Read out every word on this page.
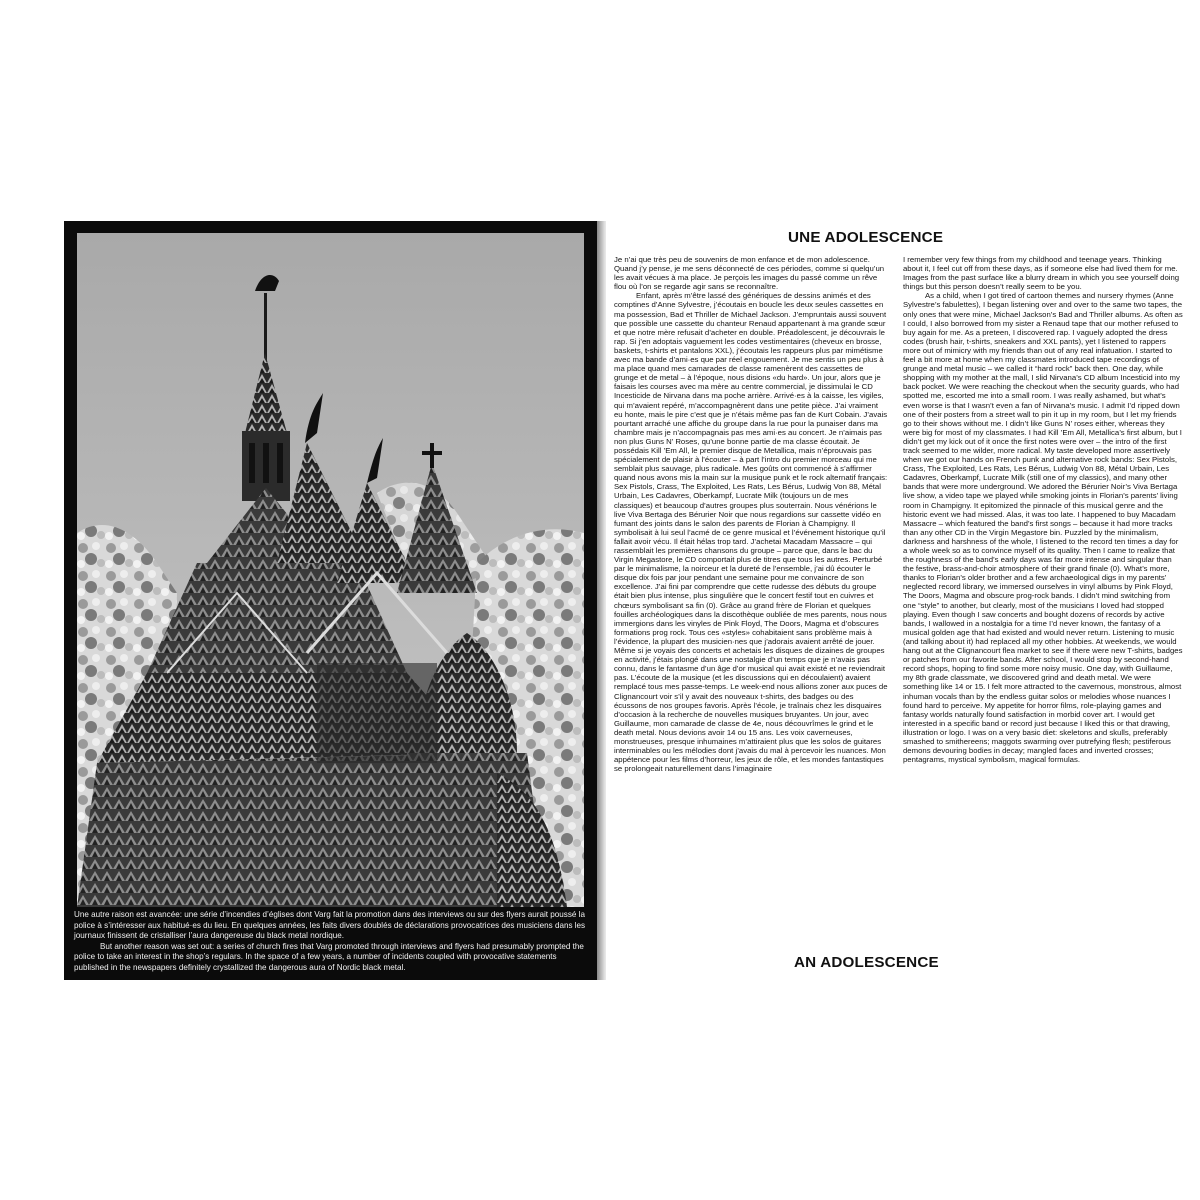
Une autre raison est avancée: une série d’incendies d’églises dont Varg fait la promotion dans des interviews ou sur des flyers aurait poussé la police à s’intéresser aux habitué·es du lieu. En quelques années, les faits divers doublés de déclarations provocatrices des musiciens dans les journaux finissent de cristalliser l’aura dangereuse du black metal nordique.

But another reason was set out: a series of church fires that Varg promoted through interviews and flyers had presumably prompted the police to take an interest in the shop’s regulars. In the space of a few years, a number of incidents coupled with provocative statements published in the newspapers definitely crystallized the dangerous aura of Nordic black metal.

UNE ADOLESCENCE

Je n’ai que très peu de souvenirs de mon enfance et de mon adolescence. Quand j’y pense, je me sens déconnecté de ces périodes, comme si quelqu’un les avait vécues à ma place. Je perçois les images du passé comme un rêve flou où l’on se regarde agir sans se reconnaître.

Enfant, après m’être lassé des génériques de dessins animés et des comptines d’Anne Sylvestre, j’écoutais en boucle les deux seules cassettes en ma possession, Bad et Thriller de Michael Jackson. J’empruntais aussi souvent que possible une cassette du chanteur Renaud appartenant à ma grande sœur et que notre mère refusait d’acheter en double. Préadolescent, je découvrais le rap. Si j’en adoptais vaguement les codes vestimentaires (cheveux en brosse, baskets, t-shirts et pantalons XXL), j’écoutais les rappeurs plus par mimétisme avec ma bande d’ami·es que par réel engouement. Je me sentis un peu plus à ma place quand mes camarades de classe ramenèrent des cassettes de grunge et de metal – à l’époque, nous disions «du hard». Un jour, alors que je faisais les courses avec ma mère au centre commercial, je dissimulai le CD Incesticide de Nirvana dans ma poche arrière. Arrivé·es à la caisse, les vigiles, qui m’avaient repéré, m’accompagnèrent dans une petite pièce. J’ai vraiment eu honte, mais le pire c’est que je n’étais même pas fan de Kurt Cobain. J’avais pourtant arraché une affiche du groupe dans la rue pour la punaiser dans ma chambre mais je n’accompagnais pas mes ami·es au concert. Je n’aimais pas non plus Guns N’ Roses, qu’une bonne partie de ma classe écoutait. Je possédais Kill ’Em All, le premier disque de Metallica, mais n’éprouvais pas spécialement de plaisir à l’écouter – à part l’intro du premier morceau qui me semblait plus sauvage, plus radicale. Mes goûts ont commencé à s’affirmer quand nous avons mis la main sur la musique punk et le rock alternatif français: Sex Pistols, Crass, The Exploited, Les Rats, Les Bérus, Ludwig Von 88, Métal Urbain, Les Cadavres, Oberkampf, Lucrate Milk (toujours un de mes classiques) et beaucoup d’autres groupes plus souterrain. Nous vénérions le live Viva Bertaga des Bérurier Noir que nous regardions sur cassette vidéo en fumant des joints dans le salon des parents de Florian à Champigny. Il symbolisait à lui seul l’acmé de ce genre musical et l’événement historique qu’il fallait avoir vécu. Il était hélas trop tard. J’achetai Macadam Massacre – qui rassemblait les premières chansons du groupe – parce que, dans le bac du Virgin Megastore, le CD comportait plus de titres que tous les autres. Perturbé par le minimalisme, la noirceur et la dureté de l’ensemble, j’ai dû écouter le disque dix fois par jour pendant une semaine pour me convaincre de son excellence. J’ai fini par comprendre que cette rudesse des débuts du groupe était bien plus intense, plus singulière que le concert festif tout en cuivres et chœurs symbolisant sa fin (0). Grâce au grand frère de Florian et quelques fouilles archéologiques dans la discothèque oubliée de mes parents, nous nous immergions dans les vinyles de Pink Floyd, The Doors, Magma et d’obscures formations prog rock. Tous ces «styles» cohabitaient sans problème mais à l’évidence, la plupart des musicien·nes que j’adorais avaient arrêté de jouer. Même si je voyais des concerts et achetais les disques de dizaines de groupes en activité, j’étais plongé dans une nostalgie d’un temps que je n’avais pas connu, dans le fantasme d’un âge d’or musical qui avait existé et ne reviendrait pas. L’écoute de la musique (et les discussions qui en découlaient) avaient remplacé tous mes passe-temps. Le week-end nous allions zoner aux puces de Clignancourt voir s’il y avait des nouveaux t-shirts, des badges ou des écussons de nos groupes favoris. Après l’école, je traînais chez les disquaires d’occasion à la recherche de nouvelles musiques bruyantes. Un jour, avec Guillaume, mon camarade de classe de 4e, nous découvrîmes le grind et le death metal. Nous devions avoir 14 ou 15 ans. Les voix caverneuses, monstrueuses, presque inhumaines m’attiraient plus que les solos de guitares interminables ou les mélodies dont j’avais du mal à percevoir les nuances. Mon appétence pour les films d’horreur, les jeux de rôle, et les mondes fantastiques se prolongeait naturellement dans l’imaginaire

I remember very few things from my childhood and teenage years. Thinking about it, I feel cut off from these days, as if someone else had lived them for me. Images from the past surface like a blurry dream in which you see yourself doing things but this person doesn’t really seem to be you.

As a child, when I got tired of cartoon themes and nursery rhymes (Anne Sylvestre’s fabulettes), I began listening over and over to the same two tapes, the only ones that were mine, Michael Jackson’s Bad and Thriller albums. As often as I could, I also borrowed from my sister a Renaud tape that our mother refused to buy again for me. As a preteen, I discovered rap. I vaguely adopted the dress codes (brush hair, t-shirts, sneakers and XXL pants), yet I listened to rappers more out of mimicry with my friends than out of any real infatuation. I started to feel a bit more at home when my classmates introduced tape recordings of grunge and metal music – we called it “hard rock” back then. One day, while shopping with my mother at the mall, I slid Nirvana’s CD album Incesticid into my back pocket. We were reaching the checkout when the security guards, who had spotted me, escorted me into a small room. I was really ashamed, but what’s even worse is that I wasn’t even a fan of Nirvana’s music. I admit I’d ripped down one of their posters from a street wall to pin it up in my room, but I let my friends go to their shows without me. I didn’t like Guns N’ roses either, whereas they were big for most of my classmates. I had Kill ’Em All, Metallica’s first album, but I didn’t get my kick out of it once the first notes were over – the intro of the first track seemed to me wilder, more radical. My taste developed more assertively when we got our hands on French punk and alternative rock bands: Sex Pistols, Crass, The Exploited, Les Rats, Les Bérus, Ludwig Von 88, Métal Urbain, Les Cadavres, Oberkampf, Lucrate Milk (still one of my classics), and many other bands that were more underground. We adored the Bérurier Noir’s Viva Bertaga live show, a video tape we played while smoking joints in Florian’s parents’ living room in Champigny. It epitomized the pinnacle of this musical genre and the historic event we had missed. Alas, it was too late. I happened to buy Macadam Massacre – which featured the band’s first songs – because it had more tracks than any other CD in the Virgin Megastore bin. Puzzled by the minimalism, darkness and harshness of the whole, I listened to the record ten times a day for a whole week so as to convince myself of its quality. Then I came to realize that the roughness of the band’s early days was far more intense and singular than the festive, brass-and-choir atmosphere of their grand finale (0). What’s more, thanks to Florian’s older brother and a few archaeological digs in my parents’ neglected record library, we immersed ourselves in vinyl albums by Pink Floyd, The Doors, Magma and obscure prog-rock bands. I didn’t mind switching from one “style” to another, but clearly, most of the musicians I loved had stopped playing. Even though I saw concerts and bought dozens of records by active bands, I wallowed in a nostalgia for a time I’d never known, the fantasy of a musical golden age that had existed and would never return. Listening to music (and talking about it) had replaced all my other hobbies. At weekends, we would hang out at the Clignancourt flea market to see if there were new T-shirts, badges or patches from our favorite bands. After school, I would stop by second-hand record shops, hoping to find some more noisy music. One day, with Guillaume, my 8th grade classmate, we discovered grind and death metal. We were something like 14 or 15. I felt more attracted to the cavernous, monstrous, almost inhuman vocals than by the endless guitar solos or melodies whose nuances I found hard to perceive. My appetite for horror films, role-playing games and fantasy worlds naturally found satisfaction in morbid cover art. I would get interested in a specific band or record just because I liked this or that drawing, illustration or logo. I was on a very basic diet: skeletons and skulls, preferably smashed to smithereens; maggots swarming over putrefying flesh; pestiferous demons devouring bodies in decay; mangled faces and inverted crosses; pentagrams, mystical symbolism, magical formulas.

AN ADOLESCENCE
